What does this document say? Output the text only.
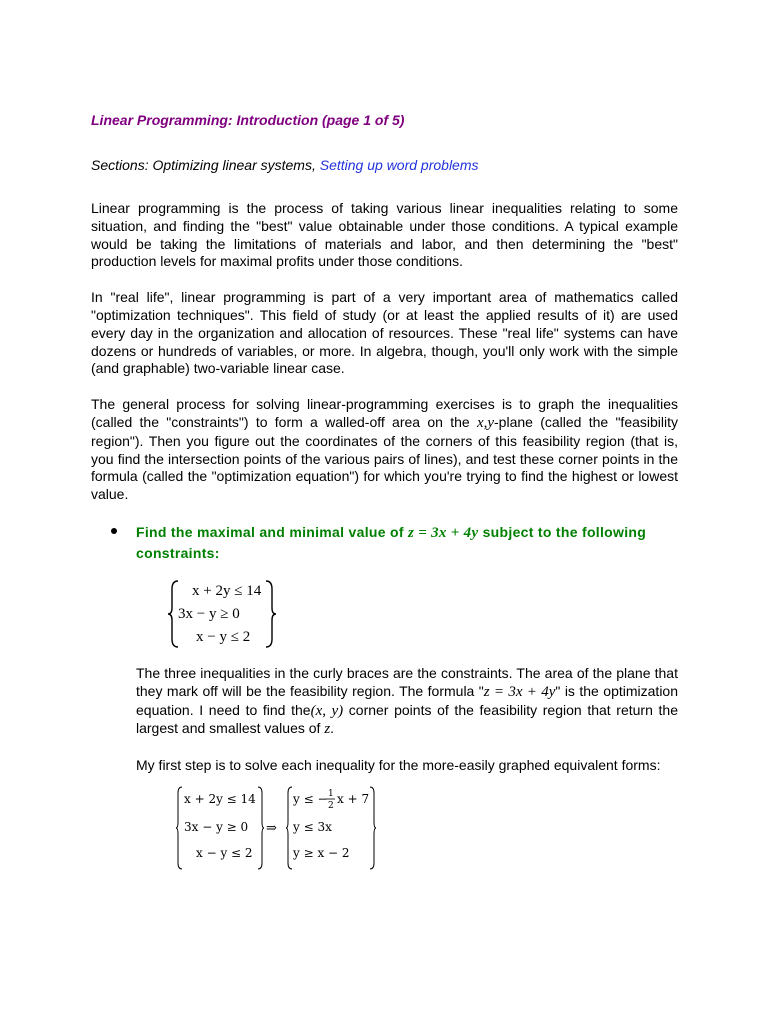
Linear Programming: Introduction (page 1 of 5)

Sections: Optimizing linear systems, Setting up word problems

Linear programming is the process of taking various linear inequalities relating to some situation, and finding the "best" value obtainable under those conditions. A typical example would be taking the limitations of materials and labor, and then determining the "best" production levels for maximal profits under those conditions.

In "real life", linear programming is part of a very important area of mathematics called "optimization techniques". This field of study (or at least the applied results of it) are used every day in the organization and allocation of resources. These "real life" systems can have dozens or hundreds of variables, or more. In algebra, though, you'll only work with the simple (and graphable) two-variable linear case.

The general process for solving linear-programming exercises is to graph the inequalities (called the "constraints") to form a walled-off area on the x,y-plane (called the "feasibility region"). Then you figure out the coordinates of the corners of this feasibility region (that is, you find the intersection points of the various pairs of lines), and test these corner points in the formula (called the "optimization equation") for which you're trying to find the highest or lowest value.

Find the maximal and minimal value of z = 3x + 4y subject to the following constraints:

x + 2y ≤ 14
3x − y ≥ 0
x − y ≤ 2

The three inequalities in the curly braces are the constraints. The area of the plane that they mark off will be the feasibility region. The formula "z = 3x + 4y" is the optimization equation. I need to find the(x, y) corner points of the feasibility region that return the largest and smallest values of z.

My first step is to solve each inequality for the more-easily graphed equivalent forms:

x + 2y ≤ 14
3x − y ≥ 0
x − y ≤ 2
⇒
y ≤ − 1
2 x + 7
y ≤ 3x
y ≥ x − 2
